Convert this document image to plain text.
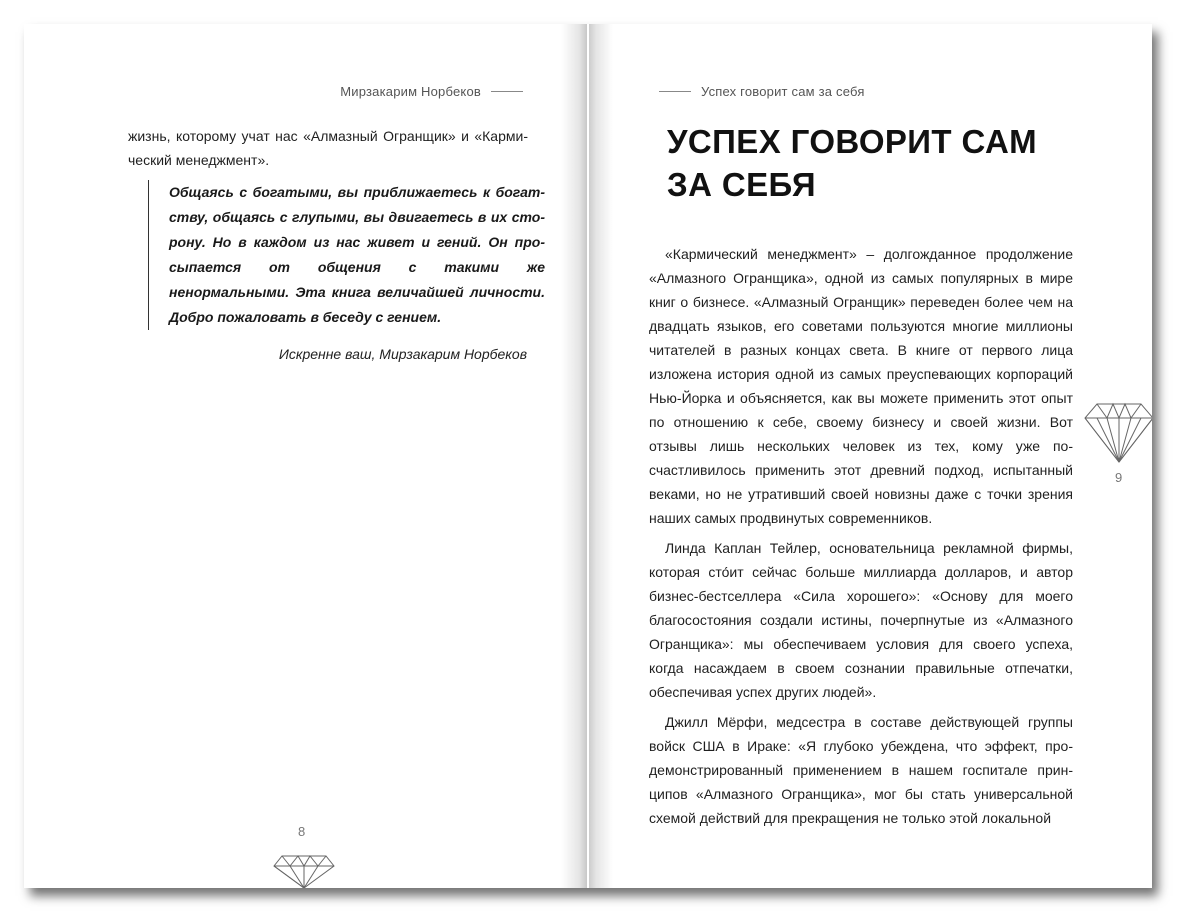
Мирзакарим Норбеков
жизнь, которому учат нас «Алмазный Огранщик» и «Кармический менеджмент».
Общаясь с богатыми, вы приближаетесь к богатству, общаясь с глупыми, вы двигаетесь в их сторону. Но в каждом из нас живет и гений. Он просыпается от общения с такими же ненормальными. Эта книга величайшей личности. Добро пожаловать в беседу с гением.
Искренне ваш, Мирзакарим Норбеков
8
Успех говорит сам за себя
УСПЕХ ГОВОРИТ САМ ЗА СЕБЯ

«Кармический менеджмент» – долгожданное продолжение «Алмазного Огранщика», одной из самых популярных в мире книг о бизнесе. «Алмазный Огранщик» переведен более чем на двадцать языков, его советами пользуются многие миллионы читателей в разных концах света. В книге от первого лица изложена история одной из самых преуспевающих корпораций Нью-Йорка и объясняется, как вы можете применить этот опыт по отношению к себе, своему бизнесу и своей жизни. Вот отзывы лишь нескольких человек из тех, кому уже посчастливилось применить этот древний подход, испытанный веками, но не утративший своей новизны даже с точки зрения наших самых продвинутых современников.

Линда Каплан Тейлер, основательница рекламной фирмы, которая сто́ит сейчас больше миллиарда долларов, и автор бизнес-бестселлера «Сила хорошего»: «Основу для моего благосостояния создали истины, почерпнутые из «Алмазного Огранщика»: мы обеспечиваем условия для своего успеха, когда насаждаем в своем сознании правильные отпечатки, обеспечивая успех других людей».

Джилл Мёрфи, медсестра в составе действующей группы войск США в Ираке: «Я глубоко убеждена, что эффект, продемонстрированный применением в нашем госпитале принципов «Алмазного Огранщика», мог бы стать универсальной схемой действий для прекращения не только этой локальной

9
